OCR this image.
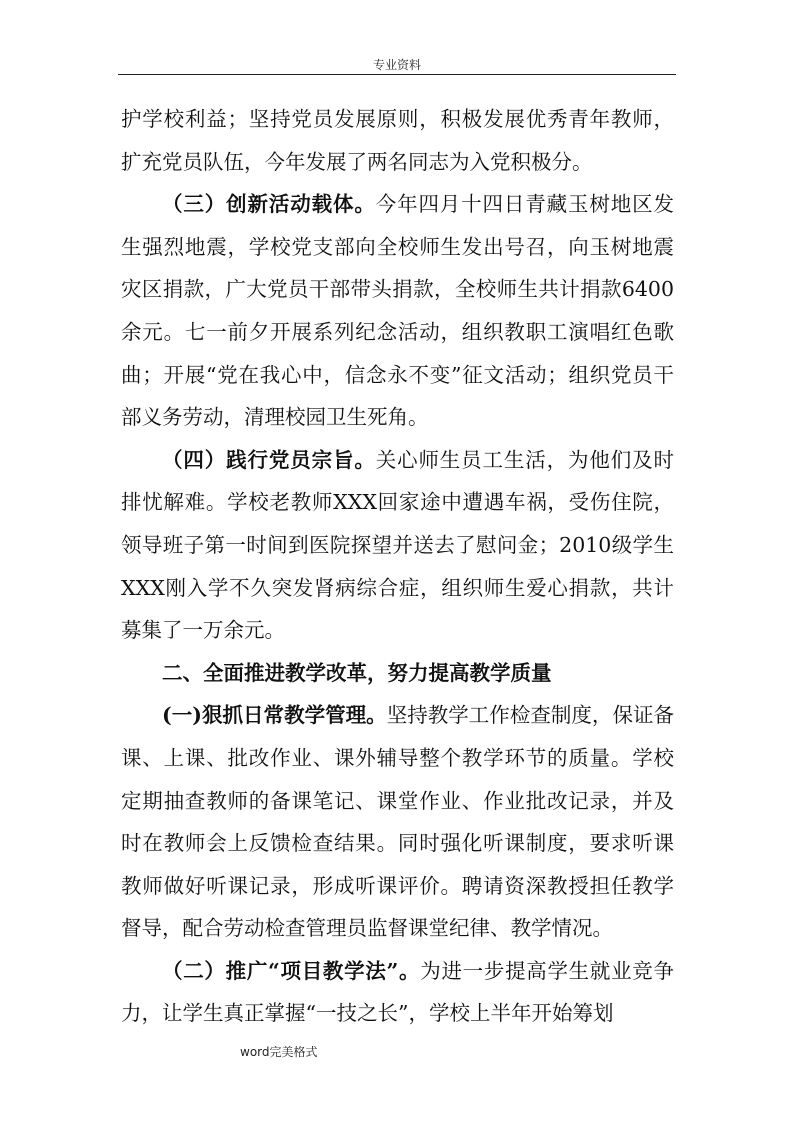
专业资料

护学校利益；坚持党员发展原则，积极发展优秀青年教师，扩充党员队伍，今年发展了两名同志为入党积极分。

（三）创新活动载体。今年四月十四日青藏玉树地区发生强烈地震，学校党支部向全校师生发出号召，向玉树地震灾区捐款，广大党员干部带头捐款，全校师生共计捐款6400余元。七一前夕开展系列纪念活动，组织教职工演唱红色歌曲；开展“党在我心中，信念永不变”征文活动；组织党员干部义务劳动，清理校园卫生死角。

（四）践行党员宗旨。关心师生员工生活，为他们及时排忧解难。学校老教师XXX回家途中遭遇车祸，受伤住院，领导班子第一时间到医院探望并送去了慰问金；2010级学生XXX刚入学不久突发肾病综合症，组织师生爱心捐款，共计募集了一万余元。

二、全面推进教学改革，努力提高教学质量

(一)狠抓日常教学管理。坚持教学工作检查制度，保证备课、上课、批改作业、课外辅导整个教学环节的质量。学校定期抽查教师的备课笔记、课堂作业、作业批改记录，并及时在教师会上反馈检查结果。同时强化听课制度，要求听课教师做好听课记录，形成听课评价。聘请资深教授担任教学督导，配合劳动检查管理员监督课堂纪律、教学情况。

（二）推广“项目教学法”。为进一步提高学生就业竞争力，让学生真正掌握“一技之长”，学校上半年开始筹划

word完美格式
